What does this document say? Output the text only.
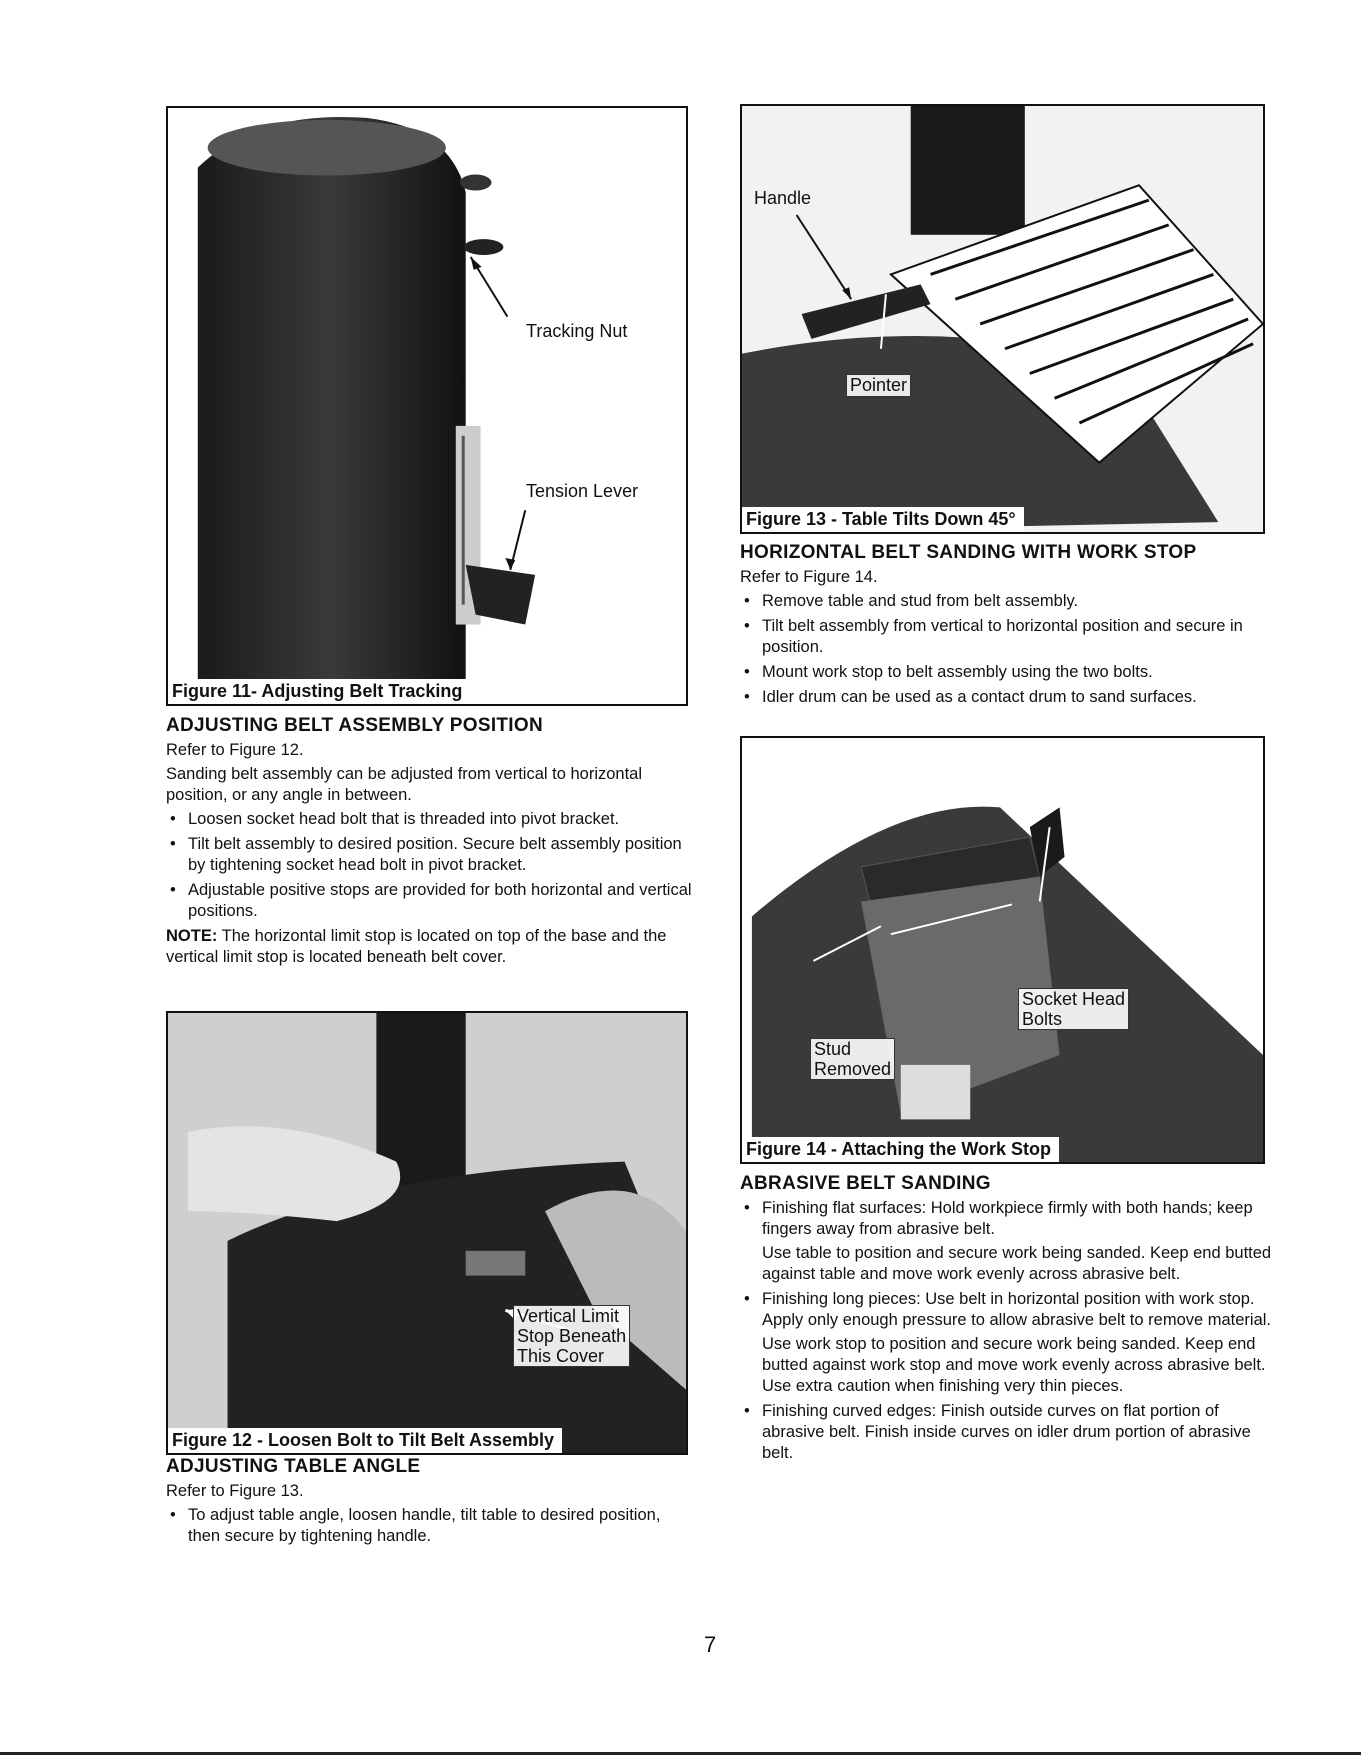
Tracking Nut
Tension Lever
Figure 11- Adjusting Belt Tracking
ADJUSTING BELT ASSEMBLY POSITION

Refer to Figure 12.

Sanding belt assembly can be adjusted from vertical to horizontal position, or any angle in between.

• Loosen socket head bolt that is threaded into pivot bracket.
• Tilt belt assembly to desired position. Secure belt assembly position by tightening socket head bolt in pivot bracket.
• Adjustable positive stops are provided for both horizontal and vertical positions.

NOTE: The horizontal limit stop is located on top of the base and the vertical limit stop is located beneath belt cover.

Vertical Limit
Stop Beneath
This Cover
Figure 12 - Loosen Bolt to Tilt Belt Assembly
ADJUSTING TABLE ANGLE

Refer to Figure 13.

• To adjust table angle, loosen handle, tilt table to desired position, then secure by tightening handle.
Handle
Pointer
Figure 13 - Table Tilts Down 45°
HORIZONTAL BELT SANDING WITH WORK STOP

Refer to Figure 14.

• Remove table and stud from belt assembly.
• Tilt belt assembly from vertical to horizontal position and secure in position.
• Mount work stop to belt assembly using the two bolts.
• Idler drum can be used as a contact drum to sand surfaces.
Socket Head
Bolts
Stud
Removed
Figure 14 - Attaching the Work Stop
ABRASIVE BELT SANDING
• Finishing flat surfaces: Hold workpiece firmly with both hands; keep fingers away from abrasive belt.

Use table to position and secure work being sanded. Keep end butted against table and move work evenly across abrasive belt.

• Finishing long pieces: Use belt in horizontal position with work stop. Apply only enough pressure to allow abrasive belt to remove material.

Use work stop to position and secure work being sanded. Keep end butted against work stop and move work evenly across abrasive belt. Use extra caution when finishing very thin pieces.

• Finishing curved edges: Finish outside curves on flat portion of abrasive belt. Finish inside curves on idler drum portion of abrasive belt.
7
